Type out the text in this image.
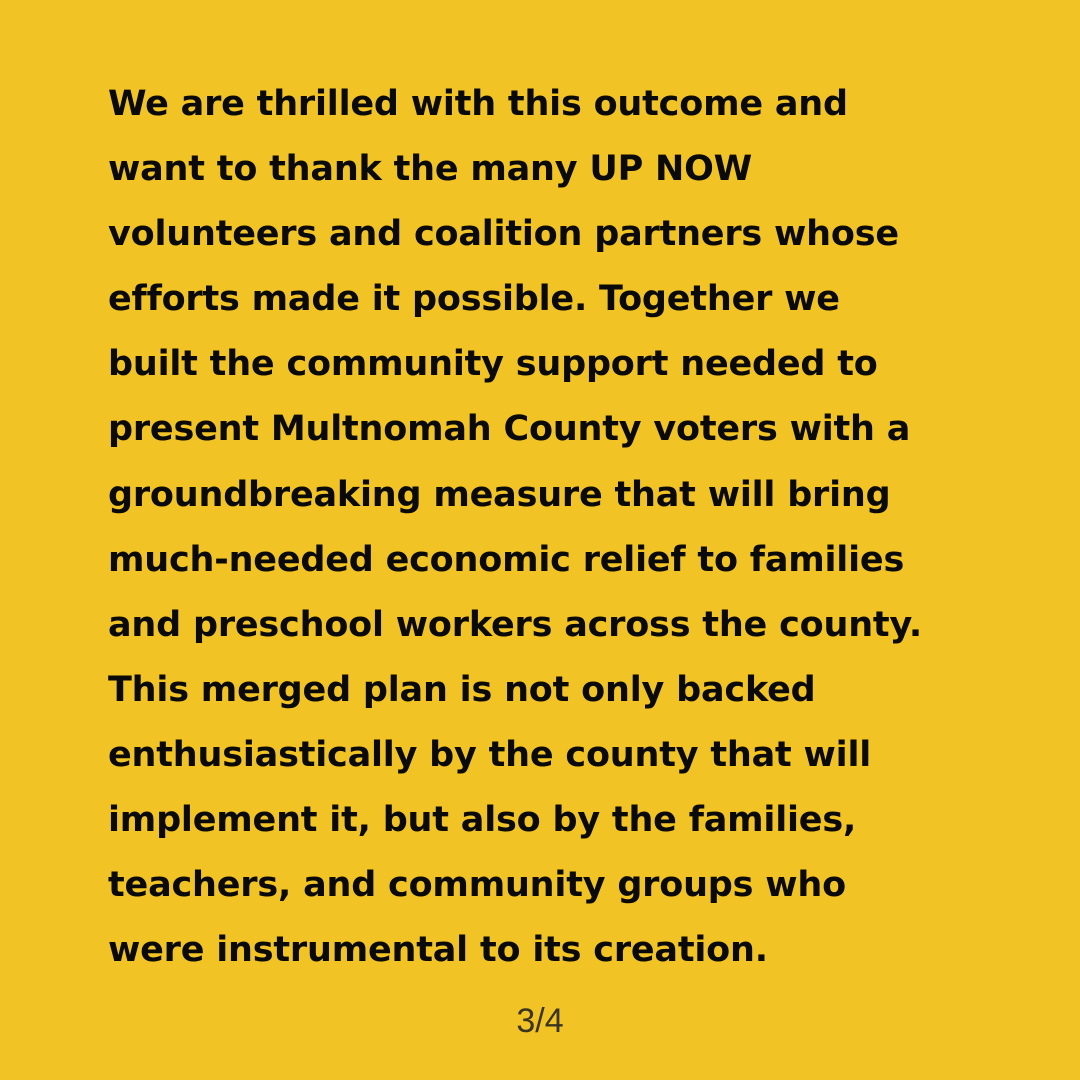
We are thrilled with this outcome and
want to thank the many UP NOW
volunteers and coalition partners whose
efforts made it possible. Together we
built the community support needed to
present Multnomah County voters with a
groundbreaking measure that will bring
much-needed economic relief to families
and preschool workers across the county.
This merged plan is not only backed
enthusiastically by the county that will
implement it, but also by the families,
teachers, and community groups who
were instrumental to its creation.

3/4
